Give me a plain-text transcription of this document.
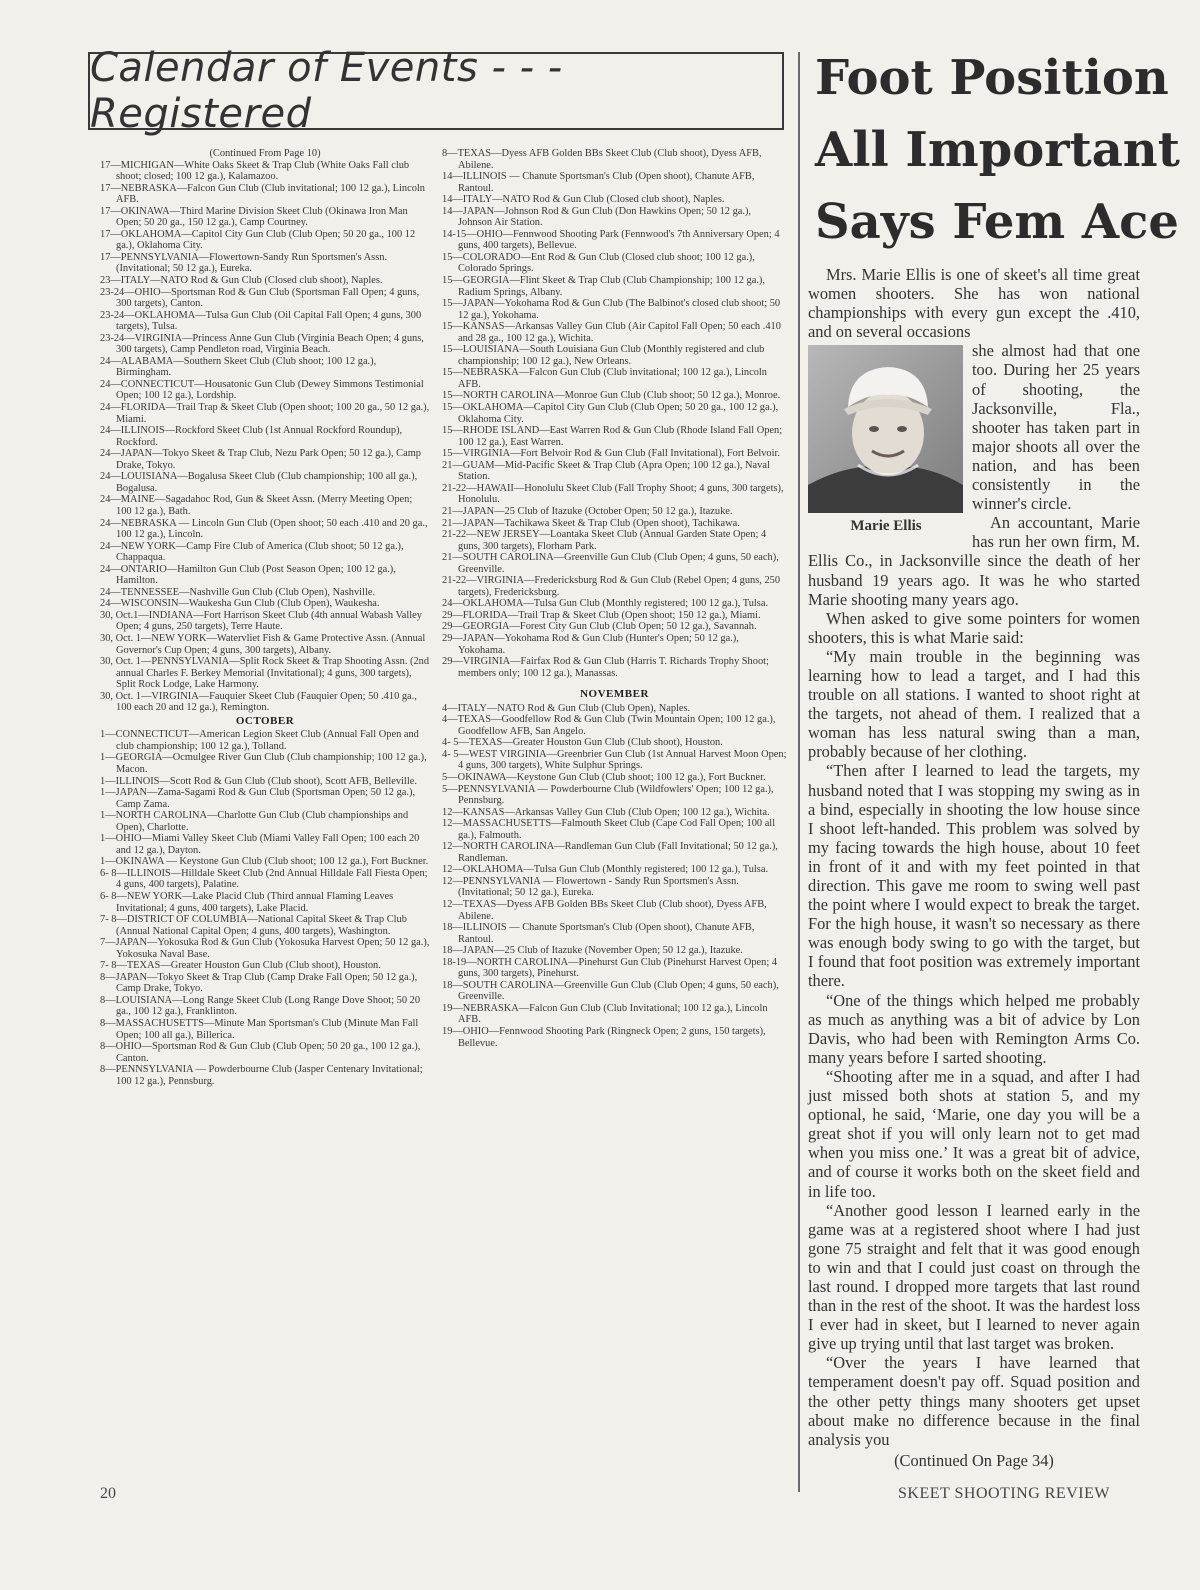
Calendar of Events - - - Registered

(Continued From Page 10)

17—MICHIGAN—White Oaks Skeet & Trap Club (White Oaks Fall club shoot; closed; 100 12 ga.), Kalamazoo.

17—NEBRASKA—Falcon Gun Club (Club invitational; 100 12 ga.), Lincoln AFB.

17—OKINAWA—Third Marine Division Skeet Club (Okinawa Iron Man Open; 50 20 ga., 150 12 ga.), Camp Courtney.

17—OKLAHOMA—Capitol City Gun Club (Club Open; 50 20 ga., 100 12 ga.), Oklahoma City.

17—PENNSYLVANIA—Flowertown-Sandy Run Sportsmen's Assn. (Invitational; 50 12 ga.), Eureka.

23—ITALY—NATO Rod & Gun Club (Closed club shoot), Naples.

23-24—OHIO—Sportsman Rod & Gun Club (Sportsman Fall Open; 4 guns, 300 targets), Canton.

23-24—OKLAHOMA—Tulsa Gun Club (Oil Capital Fall Open; 4 guns, 300 targets), Tulsa.

23-24—VIRGINIA—Princess Anne Gun Club (Virginia Beach Open; 4 guns, 300 targets), Camp Pendleton road, Virginia Beach.

24—ALABAMA—Southern Skeet Club (Club shoot; 100 12 ga.), Birmingham.

24—CONNECTICUT—Housatonic Gun Club (Dewey Simmons Testimonial Open; 100 12 ga.), Lordship.

24—FLORIDA—Trail Trap & Skeet Club (Open shoot; 100 20 ga., 50 12 ga.), Miami.

24—ILLINOIS—Rockford Skeet Club (1st Annual Rockford Roundup), Rockford.

24—JAPAN—Tokyo Skeet & Trap Club, Nezu Park Open; 50 12 ga.), Camp Drake, Tokyo.

24—LOUISIANA—Bogalusa Skeet Club (Club championship; 100 all ga.), Bogalusa.

24—MAINE—Sagadahoc Rod, Gun & Skeet Assn. (Merry Meeting Open; 100 12 ga.), Bath.

24—NEBRASKA — Lincoln Gun Club (Open shoot; 50 each .410 and 20 ga., 100 12 ga.), Lincoln.

24—NEW YORK—Camp Fire Club of America (Club shoot; 50 12 ga.), Chappaqua.

24—ONTARIO—Hamilton Gun Club (Post Season Open; 100 12 ga.), Hamilton.

24—TENNESSEE—Nashville Gun Club (Club Open), Nashville.

24—WISCONSIN—Waukesha Gun Club (Club Open), Waukesha.

30, Oct.1—INDIANA—Fort Harrison Skeet Club (4th annual Wabash Valley Open; 4 guns, 250 targets), Terre Haute.

30, Oct. 1—NEW YORK—Watervliet Fish & Game Protective Assn. (Annual Governor's Cup Open; 4 guns, 300 targets), Albany.

30, Oct. 1—PENNSYLVANIA—Split Rock Skeet & Trap Shooting Assn. (2nd annual Charles F. Berkey Memorial (Invitational); 4 guns, 300 targets), Split Rock Lodge, Lake Harmony.

30, Oct. 1—VIRGINIA—Fauquier Skeet Club (Fauquier Open; 50 .410 ga., 100 each 20 and 12 ga.), Remington.

OCTOBER

1—CONNECTICUT—American Legion Skeet Club (Annual Fall Open and club championship; 100 12 ga.), Tolland.

1—GEORGIA—Ocmulgee River Gun Club (Club championship; 100 12 ga.), Macon.

1—ILLINOIS—Scott Rod & Gun Club (Club shoot), Scott AFB, Belleville.

1—JAPAN—Zama-Sagami Rod & Gun Club (Sportsman Open; 50 12 ga.), Camp Zama.

1—NORTH CAROLINA—Charlotte Gun Club (Club championships and Open), Charlotte.

1—OHIO—Miami Valley Skeet Club (Miami Valley Fall Open; 100 each 20 and 12 ga.), Dayton.

1—OKINAWA — Keystone Gun Club (Club shoot; 100 12 ga.), Fort Buckner.

6- 8—ILLINOIS—Hilldale Skeet Club (2nd Annual Hilldale Fall Fiesta Open; 4 guns, 400 targets), Palatine.

6- 8—NEW YORK—Lake Placid Club (Third annual Flaming Leaves Invitational; 4 guns, 400 targets), Lake Placid.

7- 8—DISTRICT OF COLUMBIA—National Capital Skeet & Trap Club (Annual National Capital Open; 4 guns, 400 targets), Washington.

7—JAPAN—Yokosuka Rod & Gun Club (Yokosuka Harvest Open; 50 12 ga.), Yokosuka Naval Base.

7- 8—TEXAS—Greater Houston Gun Club (Club shoot), Houston.

8—JAPAN—Tokyo Skeet & Trap Club (Camp Drake Fall Open; 50 12 ga.), Camp Drake, Tokyo.

8—LOUISIANA—Long Range Skeet Club (Long Range Dove Shoot; 50 20 ga., 100 12 ga.), Franklinton.

8—MASSACHUSETTS—Minute Man Sportsman's Club (Minute Man Fall Open; 100 all ga.), Billerica.

8—OHIO—Sportsman Rod & Gun Club (Club Open; 50 20 ga., 100 12 ga.), Canton.

8—PENNSYLVANIA — Powderbourne Club (Jasper Centenary Invitational; 100 12 ga.), Pennsburg.

8—TEXAS—Dyess AFB Golden BBs Skeet Club (Club shoot), Dyess AFB, Abilene.

14—ILLINOIS — Chanute Sportsman's Club (Open shoot), Chanute AFB, Rantoul.

14—ITALY—NATO Rod & Gun Club (Closed club shoot), Naples.

14—JAPAN—Johnson Rod & Gun Club (Don Hawkins Open; 50 12 ga.), Johnson Air Station.

14-15—OHIO—Fennwood Shooting Park (Fennwood's 7th Anniversary Open; 4 guns, 400 targets), Bellevue.

15—COLORADO—Ent Rod & Gun Club (Closed club shoot; 100 12 ga.), Colorado Springs.

15—GEORGIA—Flint Skeet & Trap Club (Club Championship; 100 12 ga.), Radium Springs, Albany.

15—JAPAN—Yokohama Rod & Gun Club (The Balbinot's closed club shoot; 50 12 ga.), Yokohama.

15—KANSAS—Arkansas Valley Gun Club (Air Capitol Fall Open; 50 each .410 and 28 ga., 100 12 ga.), Wichita.

15—LOUISIANA—South Louisiana Gun Club (Monthly registered and club championship; 100 12 ga.), New Orleans.

15—NEBRASKA—Falcon Gun Club (Club invitational; 100 12 ga.), Lincoln AFB.

15—NORTH CAROLINA—Monroe Gun Club (Club shoot; 50 12 ga.), Monroe.

15—OKLAHOMA—Capitol City Gun Club (Club Open; 50 20 ga., 100 12 ga.), Oklahoma City.

15—RHODE ISLAND—East Warren Rod & Gun Club (Rhode Island Fall Open; 100 12 ga.), East Warren.

15—VIRGINIA—Fort Belvoir Rod & Gun Club (Fall Invitational), Fort Belvoir.

21—GUAM—Mid-Pacific Skeet & Trap Club (Apra Open; 100 12 ga.), Naval Station.

21-22—HAWAII—Honolulu Skeet Club (Fall Trophy Shoot; 4 guns, 300 targets), Honolulu.

21—JAPAN—25 Club of Itazuke (October Open; 50 12 ga.), Itazuke.

21—JAPAN—Tachikawa Skeet & Trap Club (Open shoot), Tachikawa.

21-22—NEW JERSEY—Loantaka Skeet Club (Annual Garden State Open; 4 guns, 300 targets), Florham Park.

21—SOUTH CAROLINA—Greenville Gun Club (Club Open; 4 guns, 50 each), Greenville.

21-22—VIRGINIA—Fredericksburg Rod & Gun Club (Rebel Open; 4 guns, 250 targets), Fredericksburg.

24—OKLAHOMA—Tulsa Gun Club (Monthly registered; 100 12 ga.), Tulsa.

29—FLORIDA—Trail Trap & Skeet Club (Open shoot; 150 12 ga.), Miami.

29—GEORGIA—Forest City Gun Club (Club Open; 50 12 ga.), Savannah.

29—JAPAN—Yokohama Rod & Gun Club (Hunter's Open; 50 12 ga.), Yokohama.

29—VIRGINIA—Fairfax Rod & Gun Club (Harris T. Richards Trophy Shoot; members only; 100 12 ga.), Manassas.

NOVEMBER

4—ITALY—NATO Rod & Gun Club (Club Open), Naples.

4—TEXAS—Goodfellow Rod & Gun Club (Twin Mountain Open; 100 12 ga.), Goodfellow AFB, San Angelo.

4- 5—TEXAS—Greater Houston Gun Club (Club shoot), Houston.

4- 5—WEST VIRGINIA—Greenbrier Gun Club (1st Annual Harvest Moon Open; 4 guns, 300 targets), White Sulphur Springs.

5—OKINAWA—Keystone Gun Club (Club shoot; 100 12 ga.), Fort Buckner.

5—PENNSYLVANIA — Powderbourne Club (Wildfowlers' Open; 100 12 ga.), Pennsburg.

12—KANSAS—Arkansas Valley Gun Club (Club Open; 100 12 ga.), Wichita.

12—MASSACHUSETTS—Falmouth Skeet Club (Cape Cod Fall Open; 100 all ga.), Falmouth.

12—NORTH CAROLINA—Randleman Gun Club (Fall Invitational; 50 12 ga.), Randleman.

12—OKLAHOMA—Tulsa Gun Club (Monthly registered; 100 12 ga.), Tulsa.

12—PENNSYLVANIA — Flowertown - Sandy Run Sportsmen's Assn. (Invitational; 50 12 ga.), Eureka.

12—TEXAS—Dyess AFB Golden BBs Skeet Club (Club shoot), Dyess AFB, Abilene.

18—ILLINOIS — Chanute Sportsman's Club (Open shoot), Chanute AFB, Rantoul.

18—JAPAN—25 Club of Itazuke (November Open; 50 12 ga.), Itazuke.

18-19—NORTH CAROLINA—Pinehurst Gun Club (Pinehurst Harvest Open; 4 guns, 300 targets), Pinehurst.

18—SOUTH CAROLINA—Greenville Gun Club (Club Open; 4 guns, 50 each), Greenville.

19—NEBRASKA—Falcon Gun Club (Club Invitational; 100 12 ga.), Lincoln AFB.

19—OHIO—Fennwood Shooting Park (Ringneck Open; 2 guns, 150 targets), Bellevue.

Foot Position
All Important
Says Fem Ace

Mrs. Marie Ellis is one of skeet's all time great women shooters. She has won national championships with every gun except the .410, and on several occasions

Marie Ellis

she almost had that one too. During her 25 years of shooting, the Jacksonville, Fla., shooter has taken part in major shoots all over the nation, and has been consistently in the winner's circle.

An accountant, Marie has run her own firm, M. Ellis Co., in Jacksonville since the death of her husband 19 years ago. It was he who started Marie shooting many years ago.

When asked to give some pointers for women shooters, this is what Marie said:

“My main trouble in the beginning was learning how to lead a target, and I had this trouble on all stations. I wanted to shoot right at the targets, not ahead of them. I realized that a woman has less natural swing than a man, probably because of her clothing.

“Then after I learned to lead the targets, my husband noted that I was stopping my swing as in a bind, especially in shooting the low house since I shoot left-handed. This problem was solved by my facing towards the high house, about 10 feet in front of it and with my feet pointed in that direction. This gave me room to swing well past the point where I would expect to break the target. For the high house, it wasn't so necessary as there was enough body swing to go with the target, but I found that foot position was extremely important there.

“One of the things which helped me probably as much as anything was a bit of advice by Lon Davis, who had been with Remington Arms Co. many years before I sarted shooting.

“Shooting after me in a squad, and after I had just missed both shots at station 5, and my optional, he said, ‘Marie, one day you will be a great shot if you will only learn not to get mad when you miss one.’ It was a great bit of advice, and of course it works both on the skeet field and in life too.

“Another good lesson I learned early in the game was at a registered shoot where I had just gone 75 straight and felt that it was good enough to win and that I could just coast on through the last round. I dropped more targets that last round than in the rest of the shoot. It was the hardest loss I ever had in skeet, but I learned to never again give up trying until that last target was broken.

“Over the years I have learned that temperament doesn't pay off. Squad position and the other petty things many shooters get upset about make no difference because in the final analysis you

(Continued On Page 34)
20	SKEET SHOOTING REVIEW
